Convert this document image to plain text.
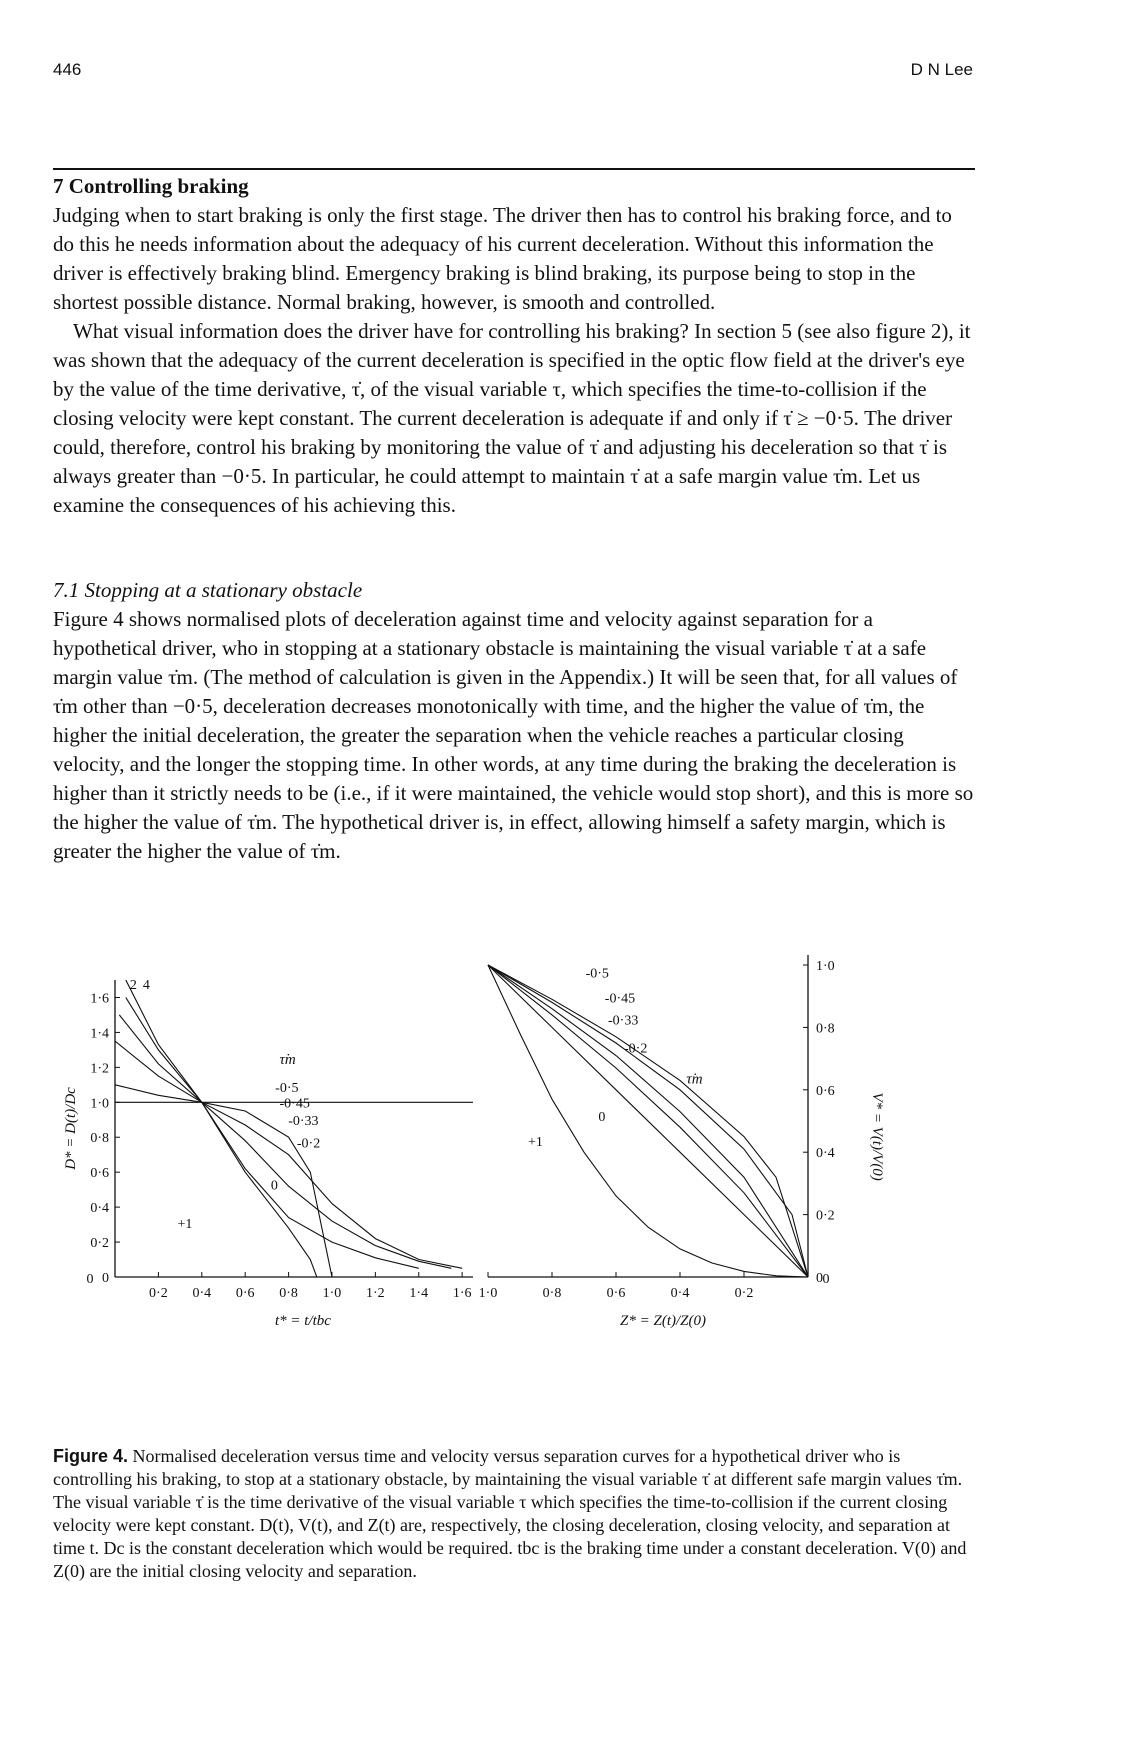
446	D N Lee

7 Controlling braking

Judging when to start braking is only the first stage. The driver then has to control his braking force, and to do this he needs information about the adequacy of his current deceleration. Without this information the driver is effectively braking blind. Emergency braking is blind braking, its purpose being to stop in the shortest possible distance. Normal braking, however, is smooth and controlled.

What visual information does the driver have for controlling his braking? In section 5 (see also figure 2), it was shown that the adequacy of the current deceleration is specified in the optic flow field at the driver's eye by the value of the time derivative, τ̇, of the visual variable τ, which specifies the time-to-collision if the closing velocity were kept constant. The current deceleration is adequate if and only if τ̇ ≥ −0·5. The driver could, therefore, control his braking by monitoring the value of τ̇ and adjusting his deceleration so that τ̇ is always greater than −0·5. In particular, he could attempt to maintain τ̇ at a safe margin value τ̇m. Let us examine the consequences of his achieving this.

7.1 Stopping at a stationary obstacle

Figure 4 shows normalised plots of deceleration against time and velocity against separation for a hypothetical driver, who in stopping at a stationary obstacle is maintaining the visual variable τ̇ at a safe margin value τ̇m. (The method of calculation is given in the Appendix.) It will be seen that, for all values of τ̇m other than −0·5, deceleration decreases monotonically with time, and the higher the value of τ̇m, the higher the initial deceleration, the greater the separation when the vehicle reaches a particular closing velocity, and the longer the stopping time. In other words, at any time during the braking the deceleration is higher than it strictly needs to be (i.e., if it were maintained, the vehicle would stop short), and this is more so the higher the value of τ̇m. The hypothetical driver is, in effect, allowing himself a safety margin, which is greater the higher the value of τ̇m.

0
0·2
0·4
0·6
0·8
1·0
1·2
1·4
1·6
0·2 0·4 0·6 0·8 1·0 1·2 1·4 1·6
0
+1
0
-0·2
-0·33
-0·45
-0·5
τ̇m
2 4
D* = D(t)/Dc
t* = t/tbc
0
0·2
0·4
0·6
0·8
1·0
1·0	0·8	0·6	0·4	0·2
0
+1
0
-0·2
-0·33
-0·45
-0·5
τ̇m
V* = V(t)/V(0)
Z* = Z(t)/Z(0)
Figure 4. Normalised deceleration versus time and velocity versus separation curves for a hypothetical driver who is controlling his braking, to stop at a stationary obstacle, by maintaining the visual variable τ̇ at different safe margin values τ̇m. The visual variable τ̇ is the time derivative of the visual variable τ which specifies the time-to-collision if the current closing velocity were kept constant. D(t), V(t), and Z(t) are, respectively, the closing deceleration, closing velocity, and separation at time t. Dc is the constant deceleration which would be required. tbc is the braking time under a constant deceleration. V(0) and Z(0) are the initial closing velocity and separation.
